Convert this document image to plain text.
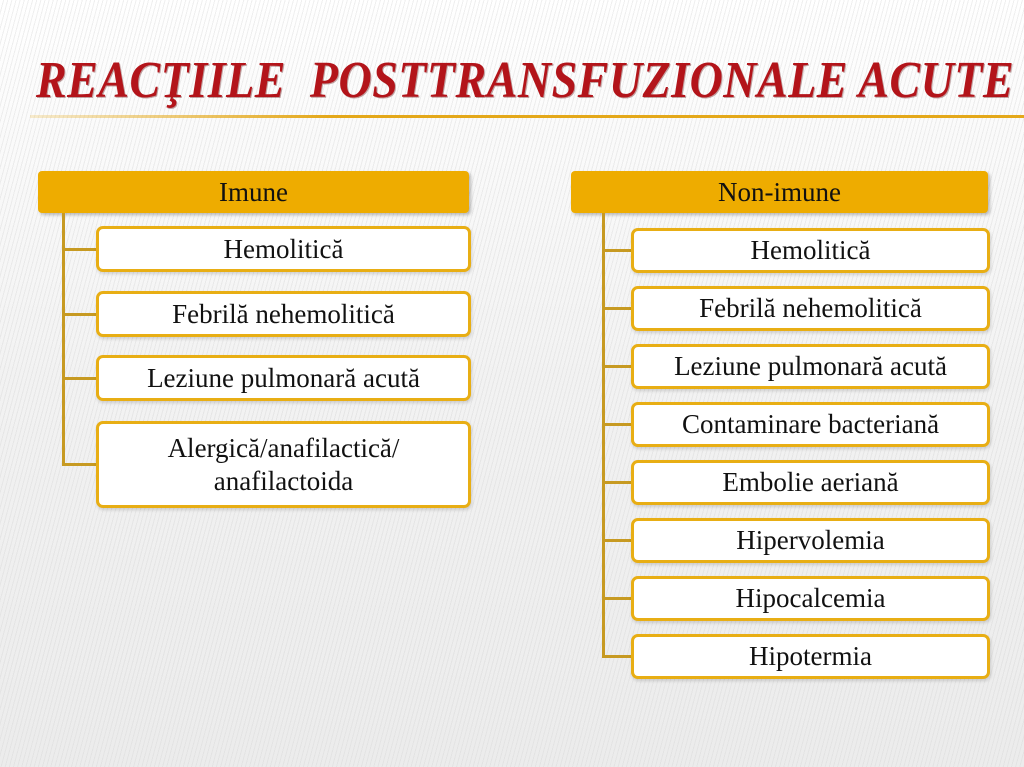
REACŢIILE  POSTTRANSFUZIONALE ACUTE
Imune
Hemolitică
Febrilă nehemolitică
Leziune pulmonară acută
Alergică/anafilactică/ anafilactoida
Non-imune
Hemolitică
Febrilă nehemolitică
Leziune pulmonară acută
Contaminare bacteriană
Embolie aeriană
Hipervolemia
Hipocalcemia
Hipotermia
